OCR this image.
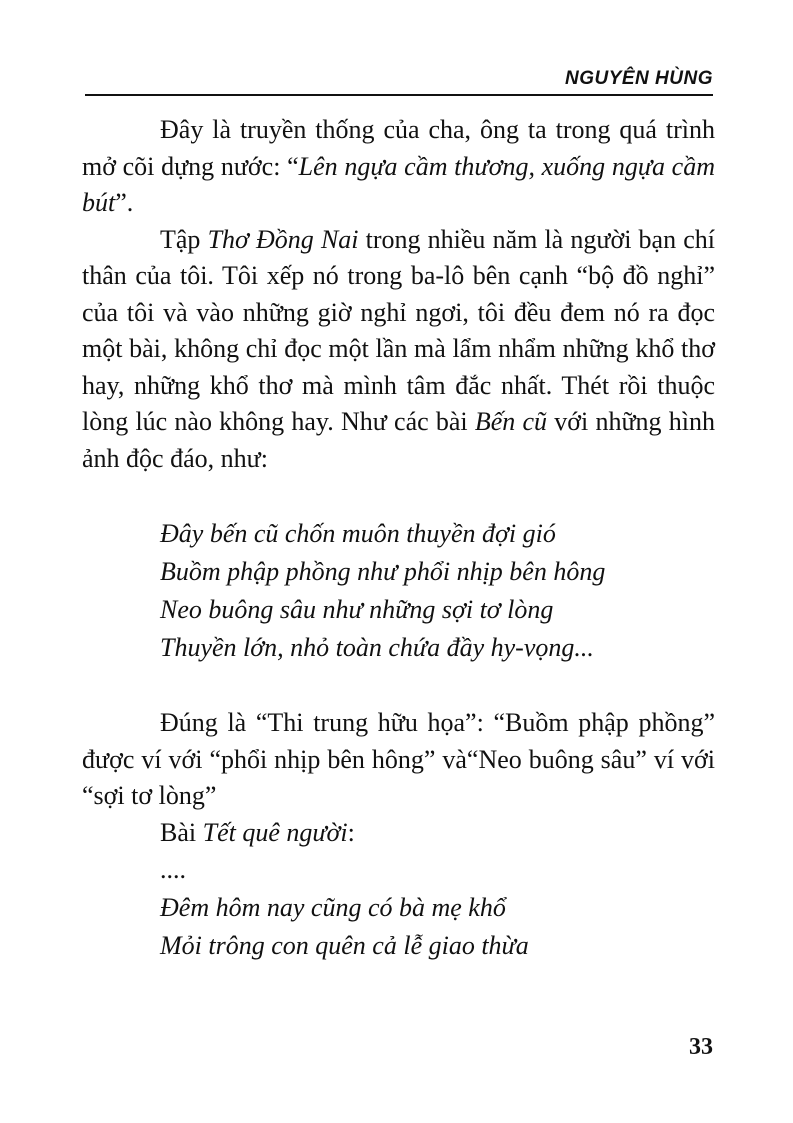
NGUYÊN HÙNG

Đây là truyền thống của cha, ông ta trong quá trình mở cõi dựng nước: “Lên ngựa cầm thương, xuống ngựa cầm bút”.

Tập Thơ Đồng Nai trong nhiều năm là người bạn chí thân của tôi. Tôi xếp nó trong ba-lô bên cạnh “bộ đồ nghỉ” của tôi và vào những giờ nghỉ ngơi, tôi đều đem nó ra đọc một bài, không chỉ đọc một lần mà lẩm nhẩm những khổ thơ hay, những khổ thơ mà mình tâm đắc nhất. Thét rồi thuộc lòng lúc nào không hay. Như các bài Bến cũ với những hình ảnh độc đáo, như:

Đây bến cũ chốn muôn thuyền đợi gió

Buồm phập phồng như phổi nhịp bên hông

Neo buông sâu như những sợi tơ lòng

Thuyền lớn, nhỏ toàn chứa đầy hy-vọng...

Đúng là “Thi trung hữu họa”: “Buồm phập phồng” được ví với “phổi nhịp bên hông” và“Neo buông sâu” ví với “sợi tơ lòng”

Bài Tết quê người:

....

Đêm hôm nay cũng có bà mẹ khổ

Mỏi trông con quên cả lễ giao thừa

33
